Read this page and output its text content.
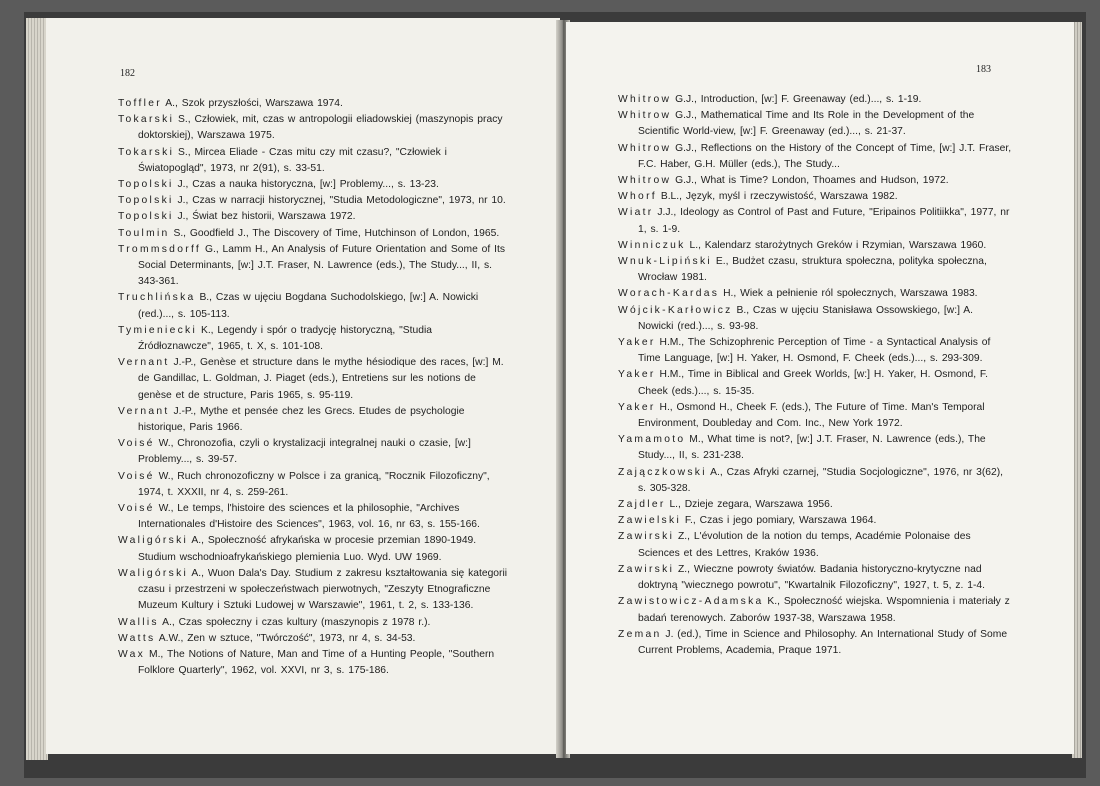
182

Toffler A., Szok przyszłości, Warszawa 1974.

Tokarski S., Człowiek, mit, czas w antropologii eliadowskiej (maszynopis pracy doktorskiej), Warszawa 1975.

Tokarski S., Mircea Eliade - Czas mitu czy mit czasu?, "Człowiek i Światopogląd", 1973, nr 2(91), s. 33-51.

Topolski J., Czas a nauka historyczna, [w:] Problemy..., s. 13-23.

Topolski J., Czas w narracji historycznej, "Studia Metodologiczne", 1973, nr 10.

Topolski J., Świat bez historii, Warszawa 1972.

Toulmin S., Goodfield J., The Discovery of Time, Hutchinson of London, 1965.

Trommsdorff G., Lamm H., An Analysis of Future Orientation and Some of Its Social Determinants, [w:] J.T. Fraser, N. Lawrence (eds.), The Study..., II, s. 343-361.

Truchlińska B., Czas w ujęciu Bogdana Suchodolskiego, [w:] A. Nowicki (red.)..., s. 105-113.

Tymieniecki K., Legendy i spór o tradycję historyczną, "Studia Źródłoznawcze", 1965, t. X, s. 101-108.

Vernant J.-P., Genèse et structure dans le mythe hésiodique des races, [w:] M. de Gandillac, L. Goldman, J. Piaget (eds.), Entretiens sur les notions de genèse et de structure, Paris 1965, s. 95-119.

Vernant J.-P., Mythe et pensée chez les Grecs. Etudes de psychologie historique, Paris 1966.

Voisé W., Chronozofia, czyli o krystalizacji integralnej nauki o czasie, [w:] Problemy..., s. 39-57.

Voisé W., Ruch chronozoficzny w Polsce i za granicą, "Rocznik Filozoficzny", 1974, t. XXXII, nr 4, s. 259-261.

Voisé W., Le temps, l'histoire des sciences et la philosophie, "Archives Internationales d'Histoire des Sciences", 1963, vol. 16, nr 63, s. 155-166.

Waligórski A., Społeczność afrykańska w procesie przemian 1890-1949. Studium wschodnioafrykańskiego plemienia Luo. Wyd. UW 1969.

Waligórski A., Wuon Dala's Day. Studium z zakresu kształtowania się kategorii czasu i przestrzeni w społeczeństwach pierwotnych, "Zeszyty Etnograficzne Muzeum Kultury i Sztuki Ludowej w Warszawie", 1961, t. 2, s. 133-136.

Wallis A., Czas społeczny i czas kultury (maszynopis z 1978 r.).

Watts A.W., Zen w sztuce, "Twórczość", 1973, nr 4, s. 34-53.

Wax M., The Notions of Nature, Man and Time of a Hunting People, "Southern Folklore Quarterly", 1962, vol. XXVI, nr 3, s. 175-186.

183

Whitrow G.J., Introduction, [w:] F. Greenaway (ed.)..., s. 1-19.

Whitrow G.J., Mathematical Time and Its Role in the Development of the Scientific World-view, [w:] F. Greenaway (ed.)..., s. 21-37.

Whitrow G.J., Reflections on the History of the Concept of Time, [w:] J.T. Fraser, F.C. Haber, G.H. Müller (eds.), The Study...

Whitrow G.J., What is Time? London, Thoames and Hudson, 1972.

Whorf B.L., Język, myśl i rzeczywistość, Warszawa 1982.

Wiatr J.J., Ideology as Control of Past and Future, "Eripainos Politiikka", 1977, nr 1, s. 1-9.

Winniczuk L., Kalendarz starożytnych Greków i Rzymian, Warszawa 1960.

Wnuk-Lipiński E., Budżet czasu, struktura społeczna, polityka społeczna, Wrocław 1981.

Worach-Kardas H., Wiek a pełnienie ról społecznych, Warszawa 1983.

Wójcik-Karłowicz B., Czas w ujęciu Stanisława Ossowskiego, [w:] A. Nowicki (red.)..., s. 93-98.

Yaker H.M., The Schizophrenic Perception of Time - a Syntactical Analysis of Time Language, [w:] H. Yaker, H. Osmond, F. Cheek (eds.)..., s. 293-309.

Yaker H.M., Time in Biblical and Greek Worlds, [w:] H. Yaker, H. Osmond, F. Cheek (eds.)..., s. 15-35.

Yaker H., Osmond H., Cheek F. (eds.), The Future of Time. Man's Temporal Environment, Doubleday and Com. Inc., New York 1972.

Yamamoto M., What time is not?, [w:] J.T. Fraser, N. Lawrence (eds.), The Study..., II, s. 231-238.

Zajączkowski A., Czas Afryki czarnej, "Studia Socjologiczne", 1976, nr 3(62), s. 305-328.

Zajdler L., Dzieje zegara, Warszawa 1956.

Zawielski F., Czas i jego pomiary, Warszawa 1964.

Zawirski Z., L'évolution de la notion du temps, Académie Polonaise des Sciences et des Lettres, Kraków 1936.

Zawirski Z., Wieczne powroty światów. Badania historyczno-krytyczne nad doktryną "wiecznego powrotu", "Kwartalnik Filozoficzny", 1927, t. 5, z. 1-4.

Zawistowicz-Adamska K., Społeczność wiejska. Wspomnienia i materiały z badań terenowych. Zaborów 1937-38, Warszawa 1958.

Zeman J. (ed.), Time in Science and Philosophy. An International Study of Some Current Problems, Academia, Praque 1971.
